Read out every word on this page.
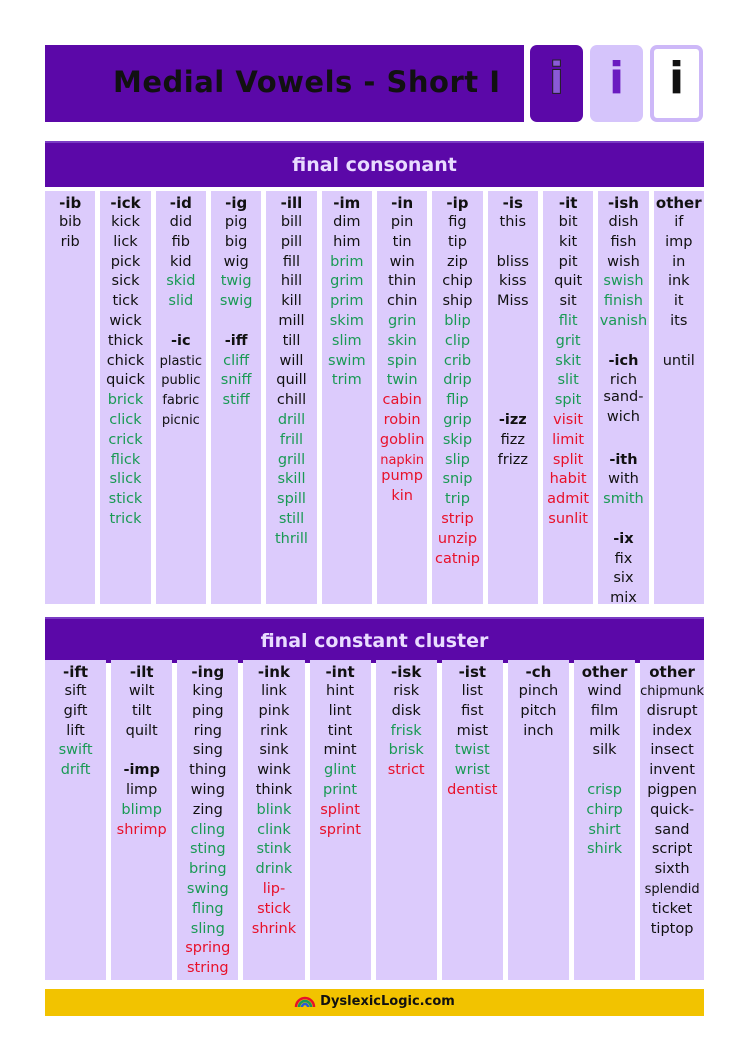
Medial Vowels - Short I	i	i	i
final consonant
-ib
bib
rib
-ick
kick
lick
pick
sick
tick
wick
thick
chick
quick
brick
click
crick
flick
slick
stick
trick
-id
did
fib
kid
skid
slid
-ic
plastic
public
fabric
picnic
-ig
pig
big
wig
twig
swig
-iff
cliff
sniff
stiff
-ill
bill
pill
fill
hill
kill
mill
till
will
quill
chill
drill
frill
grill
skill
spill
still
thrill
-im
dim
him
brim
grim
prim
skim
slim
swim
trim
-in
pin
tin
win
thin
chin
grin
skin
spin
twin
cabin
robin
goblin
napkin
pump
kin
-ip
fig
tip
zip
chip
ship
blip
clip
crib
drip
flip
grip
skip
slip
snip
trip
strip
unzip
catnip
-is
this
bliss
kiss
Miss
-izz
fizz
frizz
-it
bit
kit
pit
quit
sit
flit
grit
skit
slit
spit
visit
limit
split
habit
admit
sunlit
-ish
dish
fish
wish
swish
finish
vanish
-ich
rich
sand-
wich
-ith
with
smith
-ix
fix
six
mix
other
if
imp
in
ink
it
its
until
final constant cluster
-ift
sift
gift
lift
swift
drift
-ilt
wilt
tilt
quilt
-imp
limp
blimp
shrimp
-ing
king
ping
ring
sing
thing
wing
zing
cling
sting
bring
swing
fling
sling
spring
string
-ink
link
pink
rink
sink
wink
think
blink
clink
stink
drink
lip-
stick
shrink
-int
hint
lint
tint
mint
glint
print
splint
sprint
-isk
risk
disk
frisk
brisk
strict
-ist
list
fist
mist
twist
wrist
dentist
-ch
pinch
pitch
inch
other
wind
film
milk
silk
crisp
chirp
shirt
shirk
other
chipmunk
disrupt
index
insect
invent
pigpen
quick-
sand
script
sixth
splendid
ticket
tiptop
DyslexicLogic.com
